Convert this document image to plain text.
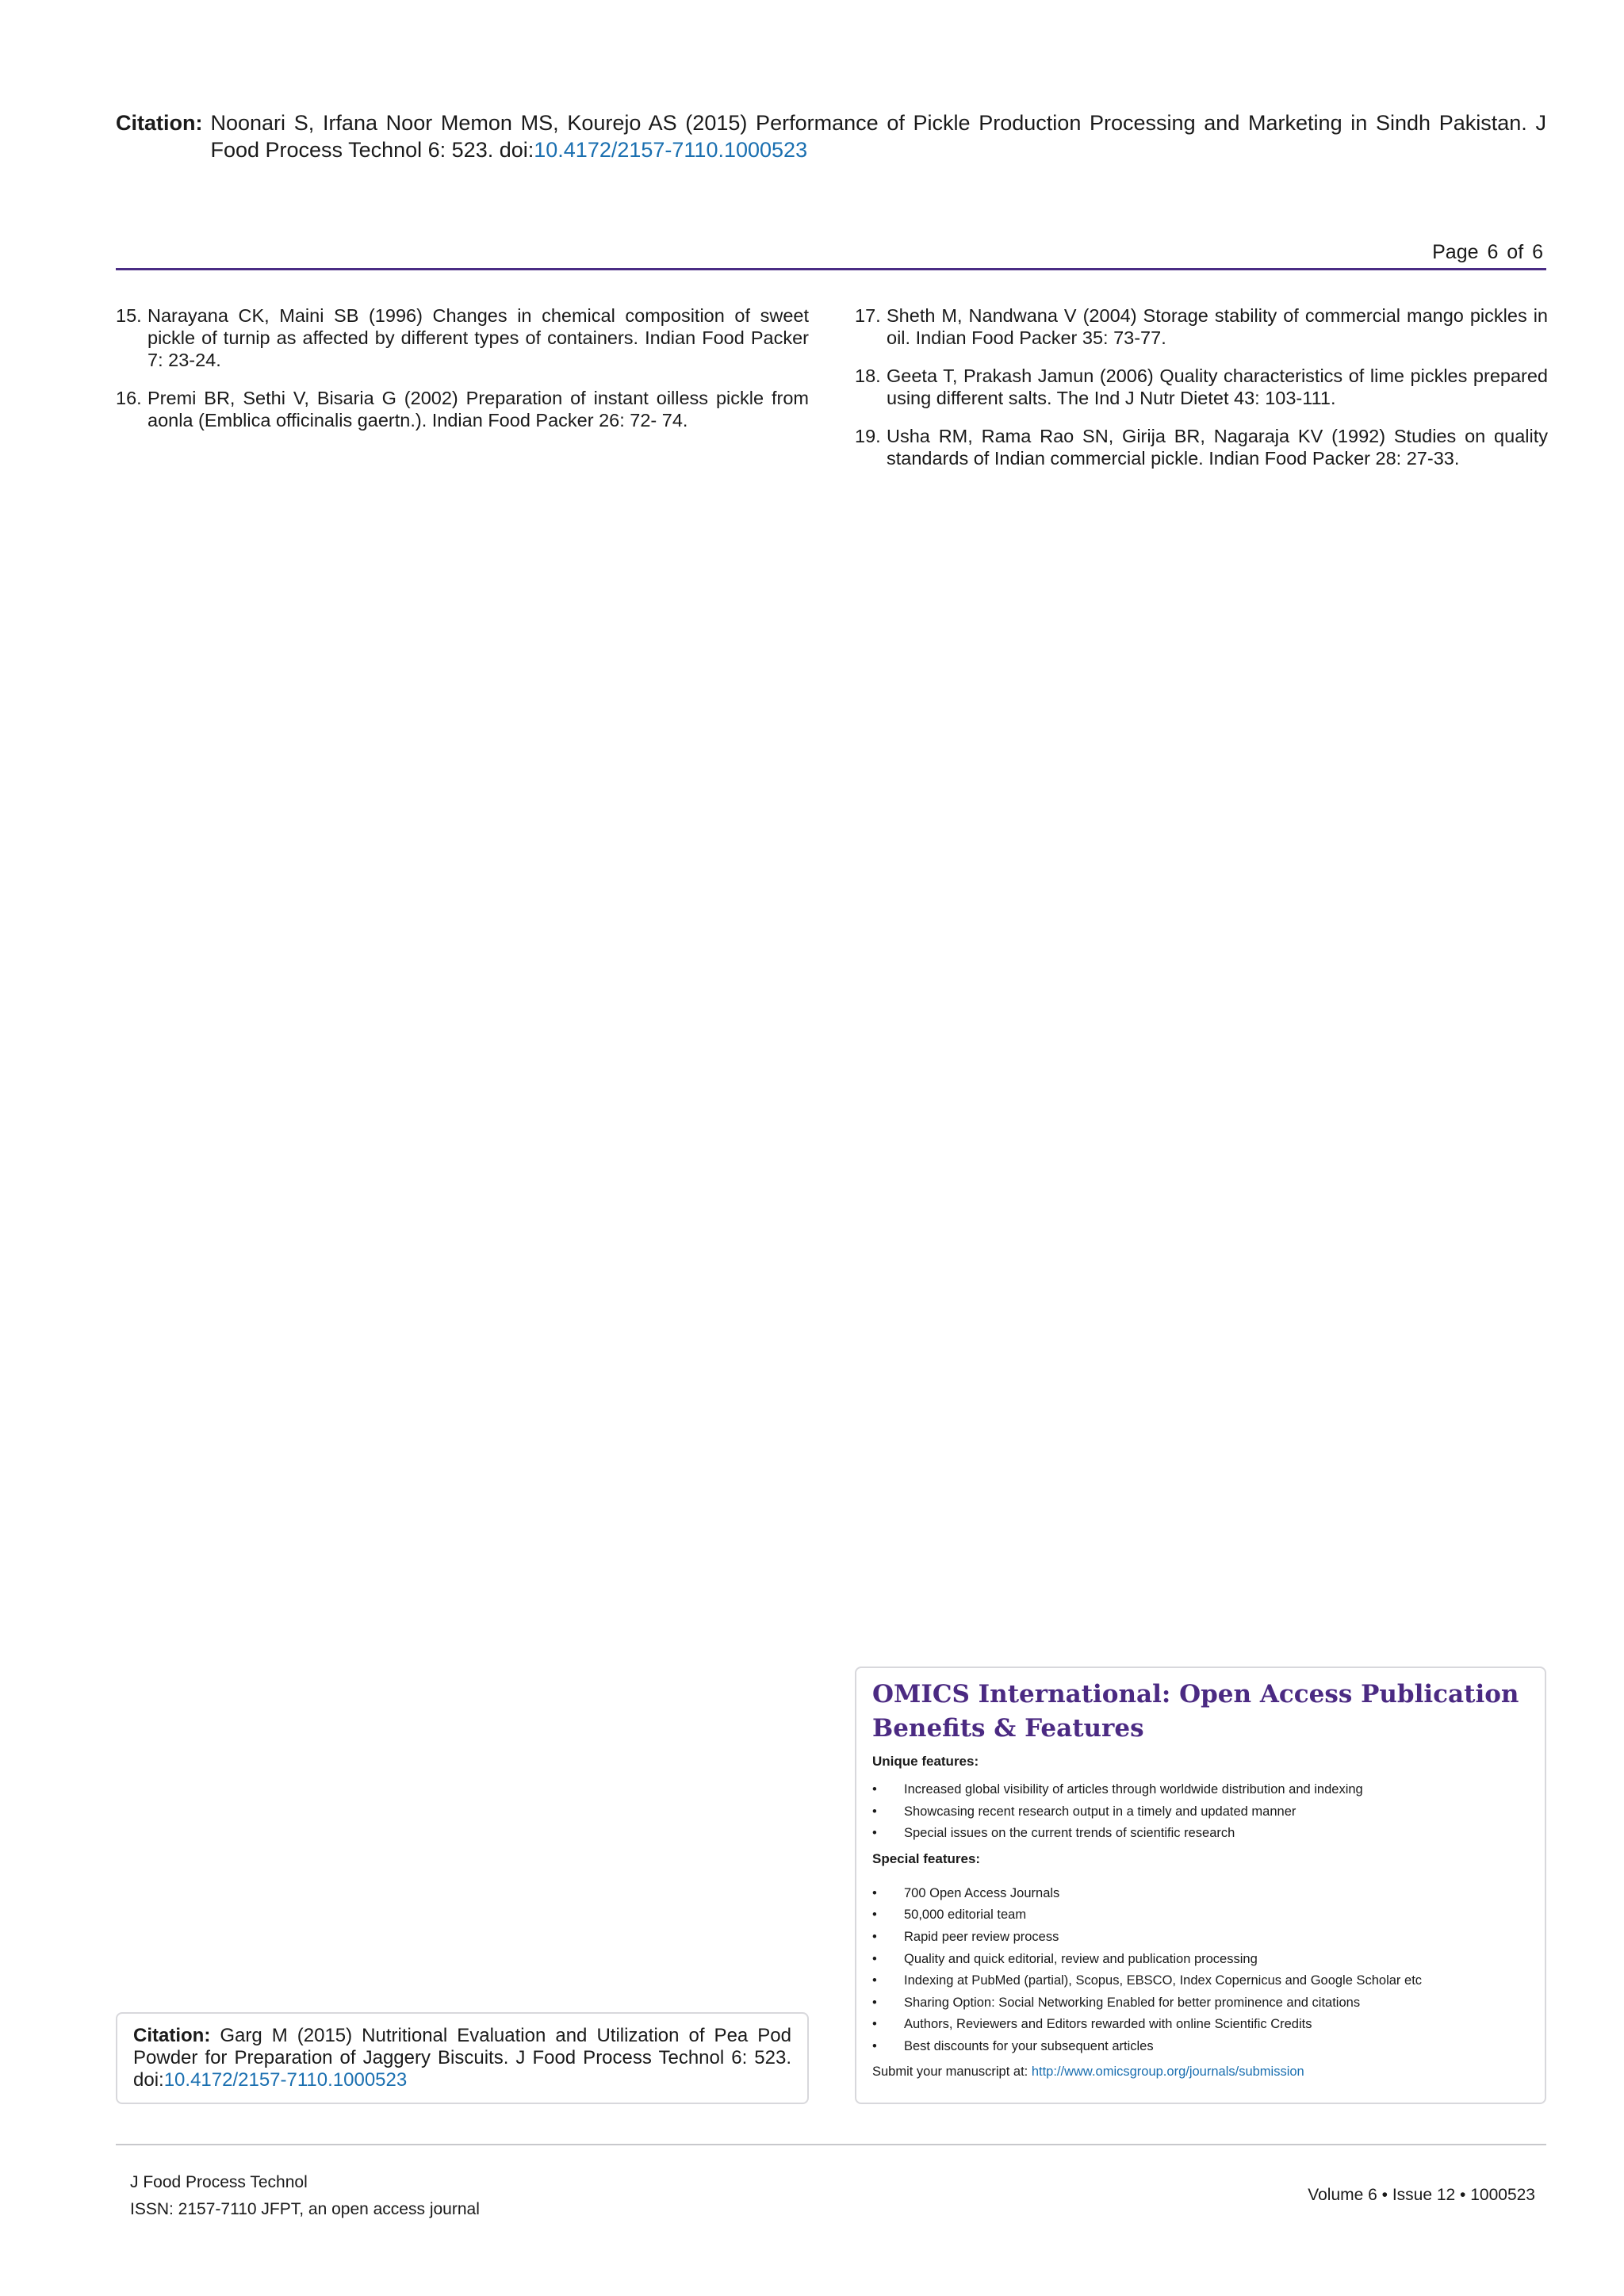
Citation: Noonari S, Irfana Noor Memon MS, Kourejo AS (2015) Performance of Pickle Production Processing and Marketing in Sindh Pakistan. J Food Process Technol 6: 523. doi:10.4172/2157-7110.1000523
Page 6 of 6
15. Narayana CK, Maini SB (1996) Changes in chemical composition of sweet pickle of turnip as affected by different types of containers. Indian Food Packer 7: 23-24.
16. Premi BR, Sethi V, Bisaria G (2002) Preparation of instant oilless pickle from aonla (Emblica officinalis gaertn.). Indian Food Packer 26: 72- 74.
17. Sheth M, Nandwana V (2004) Storage stability of commercial mango pickles in oil. Indian Food Packer 35: 73-77.
18. Geeta T, Prakash Jamun (2006) Quality characteristics of lime pickles prepared using different salts. The Ind J Nutr Dietet 43: 103-111.
19. Usha RM, Rama Rao SN, Girija BR, Nagaraja KV (1992) Studies on quality standards of Indian commercial pickle. Indian Food Packer 28: 27-33.
OMICS International: Open Access Publication Benefits & Features
Unique features:
•	Increased global visibility of articles through worldwide distribution and indexing
•	Showcasing recent research output in a timely and updated manner
•	Special issues on the current trends of scientific research
Special features:
•	700 Open Access Journals
•	50,000 editorial team
•	Rapid peer review process
•	Quality and quick editorial, review and publication processing
•	Indexing at PubMed (partial), Scopus, EBSCO, Index Copernicus and Google Scholar etc
•	Sharing Option: Social Networking Enabled for better prominence and citations
•	Authors, Reviewers and Editors rewarded with online Scientific Credits
•	Best discounts for your subsequent articles
Submit your manuscript at: http://www.omicsgroup.org/journals/submission
Citation: Garg M (2015) Nutritional Evaluation and Utilization of Pea Pod Powder for Preparation of Jaggery Biscuits. J Food Process Technol 6: 523. doi:10.4172/2157-7110.1000523
J Food Process Technol
ISSN: 2157-7110 JFPT, an open access journal
Volume 6 • Issue 12 • 1000523
